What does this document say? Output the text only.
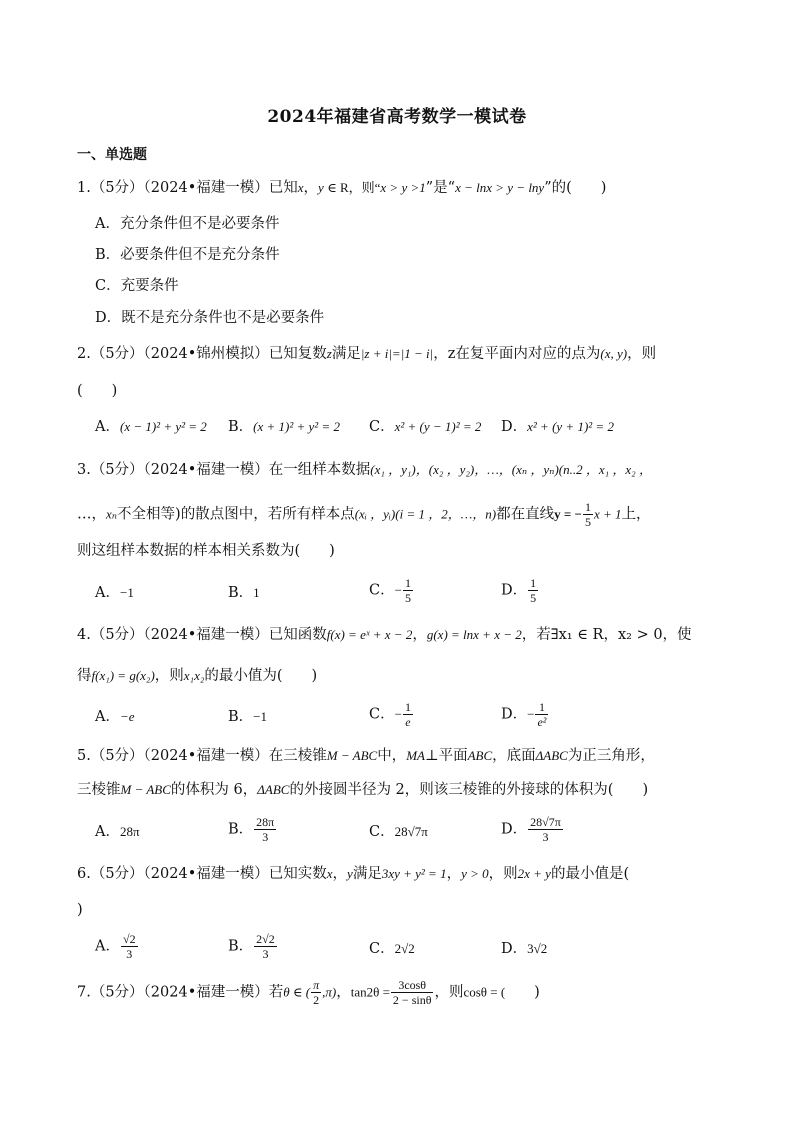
2024年福建省高考数学一模试卷
一、单选题
1.（5分）（2024•福建一模）已知x，y ∈ R，则“x > y >1”是“x − lnx > y − lny”的(　　)
A．充分条件但不是必要条件
B．必要条件但不是充分条件
C．充要条件
D．既不是充分条件也不是必要条件
2.（5分）（2024•锦州模拟）已知复数z满足|z + i|=|1 − i|，z在复平面内对应的点为(x, y)，则
(　　)
A．(x − 1)² + y² = 2 B．(x + 1)² + y² = 2 C．x² + (y − 1)² = 2 D．x² + (y + 1)² = 2
3.（5分）（2024•福建一模）在一组样本数据(x₁ ，y₁)，(x₂ ，y₂)，…，(xₙ ，yₙ)(n..2 ，x₁ ，x₂ ，
…，xₙ不全相等)的散点图中，若所有样本点(xᵢ ，yᵢ)(i = 1 ，2，…，n)都在直线y = − $\frac{1}{5}$ x + 1上，
则这组样本数据的样本相关系数为(　　)
A．−1	B．1	C．− $\frac{1}{5}$	D． $\frac{1}{5}$
4.（5分）（2024•福建一模）已知函数f(x) = eˣ + x − 2，g(x) = lnx + x − 2，若∃x₁ ∈ R，x₂ > 0，使
得f(x₁) = g(x₂)，则x₁x₂的最小值为(　　)
A．−e	B．−1	C．− $\frac{1}{e}$	D．− $\frac{1}{\text{e²}}$
5.（5分）（2024•福建一模）在三棱锥M − ABC中，MA⊥平面ABC，底面ΔABC为正三角形，
三棱锥M − ABC的体积为 6，ΔABC的外接圆半径为 2，则该三棱锥的外接球的体积为(　　)
A．28π	B． $\frac{28\pi}{3}$	C．28√7π	D． $\frac{28√7\pi}{3}$
6.（5分）（2024•福建一模）已知实数x，y满足3xy + y² = 1，y > 0，则2x + y的最小值是(
)
A． $\frac{√2}{3}$	B． $\frac{2√2}{3}$	C．2√2	D．3√2
7.（5分）（2024•福建一模）若θ ∈ ( $\frac{\pi}{2} ,\pi$)，$\tan 2\theta = \frac{3\cos\theta}{2 - \sin\theta}$ ，则cosθ = (　　)
